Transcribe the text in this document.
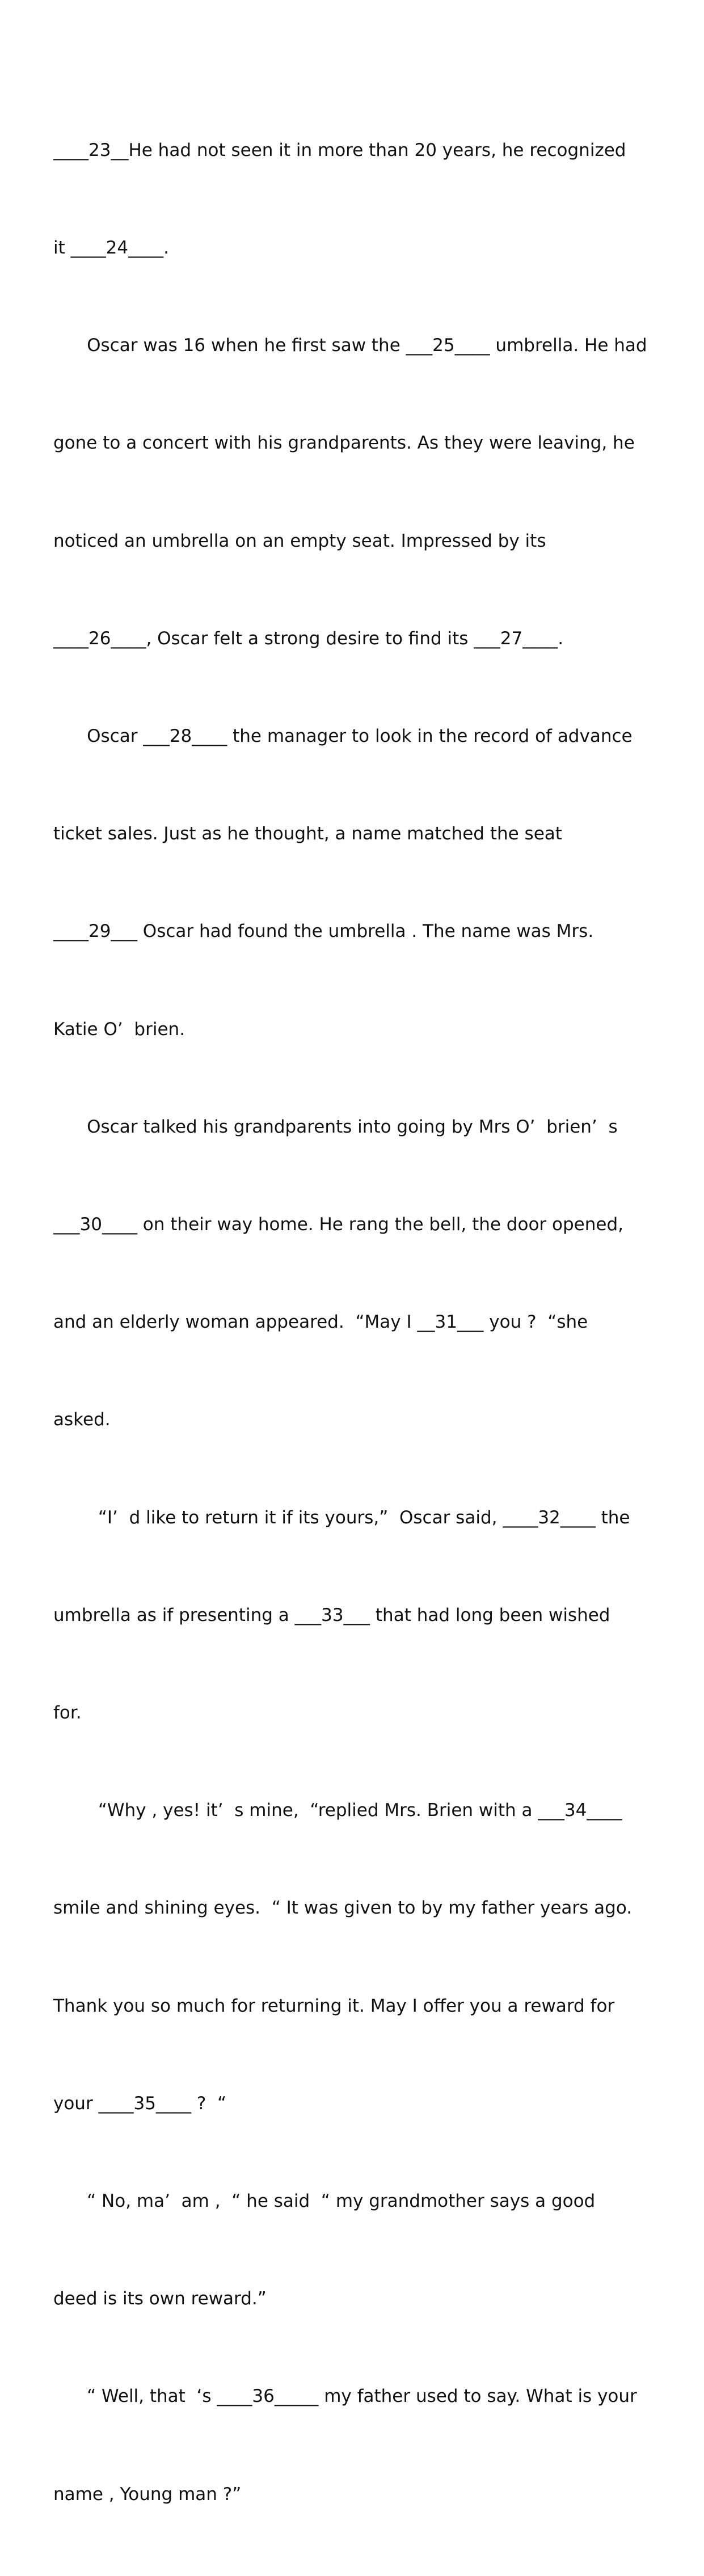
____23__He had not seen it in more than 20 years, he recognized

it ____24____.

Oscar was 16 when he first saw the ___25____ umbrella. He had

gone to a concert with his grandparents. As they were leaving, he

noticed an umbrella on an empty seat. Impressed by its

____26____, Oscar felt a strong desire to find its ___27____.

Oscar ___28____ the manager to look in the record of advance

ticket sales. Just as he thought, a name matched the seat

____29___ Oscar had found the umbrella . The name was Mrs.

Katie O’  brien.

Oscar talked his grandparents into going by Mrs O’  brien’  s

___30____ on their way home. He rang the bell, the door opened,

and an elderly woman appeared.  “May I __31___ you ?  “she

asked.

“I’  d like to return it if its yours,”  Oscar said, ____32____ the

umbrella as if presenting a ___33___ that had long been wished

for.

“Why , yes! it’  s mine,  “replied Mrs. Brien with a ___34____

smile and shining eyes.  “ It was given to by my father years ago.

Thank you so much for returning it. May I offer you a reward for

your ____35____ ?  “

“ No, ma’  am ,  “ he said  “ my grandmother says a good

deed is its own reward.”

“ Well, that  ‘s ____36_____ my father used to say. What is your

name , Young man ?”
